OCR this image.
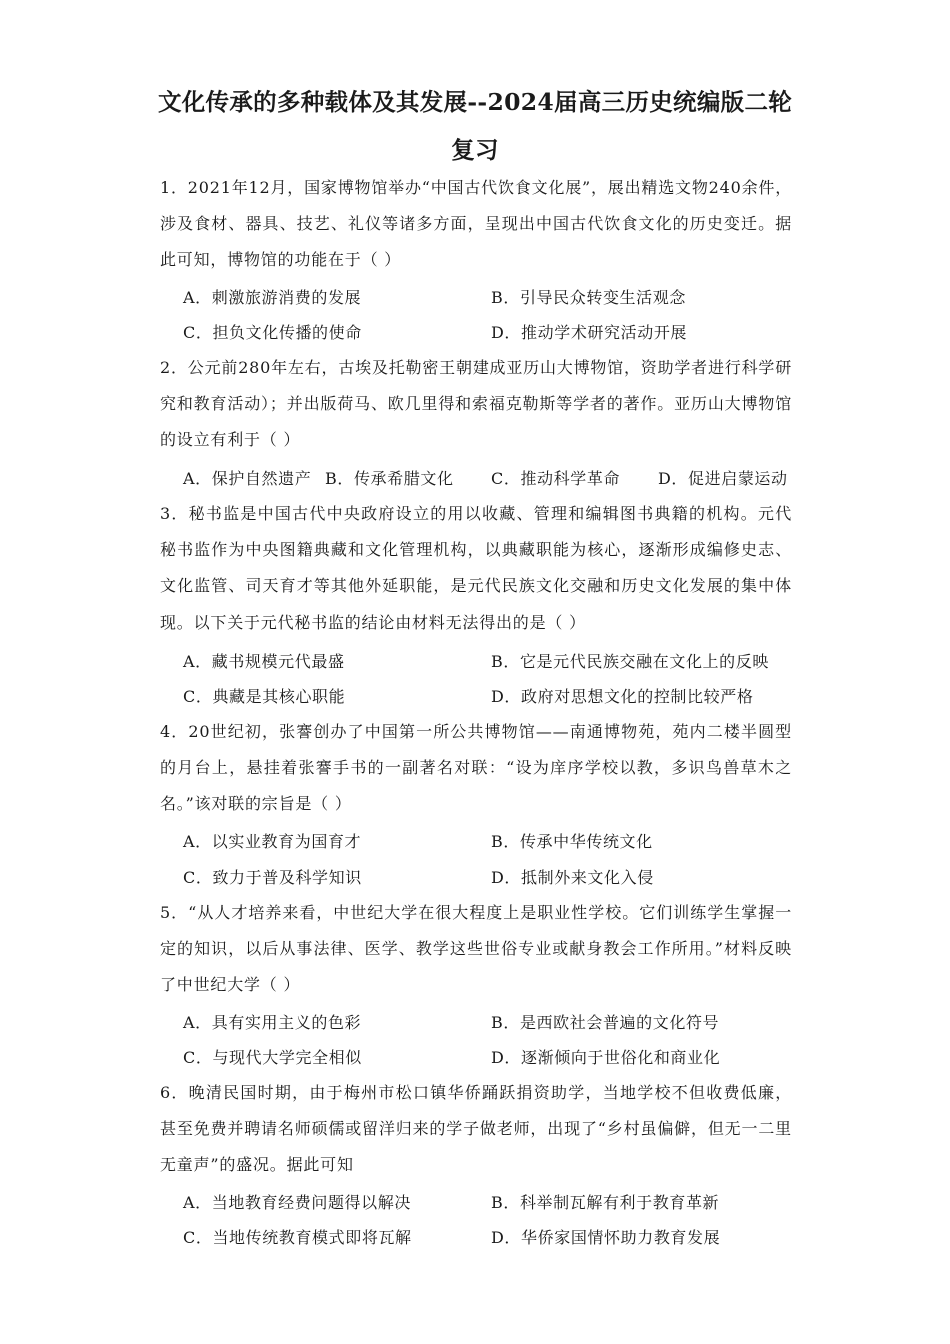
文化传承的多种载体及其发展--2024届高三历史统编版二轮
复习
1．2021年12月，国家博物馆举办“中国古代饮食文化展”，展出精选文物240余件，涉及食材、器具、技艺、礼仪等诸多方面，呈现出中国古代饮食文化的历史变迁。据此可知，博物馆的功能在于（ ）
A．刺激旅游消费的发展	B．引导民众转变生活观念
C．担负文化传播的使命	D．推动学术研究活动开展
2．公元前280年左右，古埃及托勒密王朝建成亚历山大博物馆，资助学者进行科学研究和教育活动）；并出版荷马、欧几里得和索福克勒斯等学者的著作。亚历山大博物馆的设立有利于（ ）
A．保护自然遗产 B．传承希腊文化 C．推动科学革命 D．促进启蒙运动
3．秘书监是中国古代中央政府设立的用以收藏、管理和编辑图书典籍的机构。元代秘书监作为中央图籍典藏和文化管理机构，以典藏职能为核心，逐渐形成编修史志、文化监管、司天育才等其他外延职能，是元代民族文化交融和历史文化发展的集中体现。以下关于元代秘书监的结论由材料无法得出的是（ ）
A．藏书规模元代最盛	B．它是元代民族交融在文化上的反映
C．典藏是其核心职能	D．政府对思想文化的控制比较严格
4．20世纪初，张謇创办了中国第一所公共博物馆——南通博物苑，苑内二楼半圆型的月台上，悬挂着张謇手书的一副著名对联：“设为庠序学校以教，多识鸟兽草木之名。”该对联的宗旨是（ ）
A．以实业教育为国育才	B．传承中华传统文化
C．致力于普及科学知识	D．抵制外来文化入侵
5．“从人才培养来看，中世纪大学在很大程度上是职业性学校。它们训练学生掌握一定的知识，以后从事法律、医学、教学这些世俗专业或献身教会工作所用。”材料反映了中世纪大学（ ）
A．具有实用主义的色彩	B．是西欧社会普遍的文化符号
C．与现代大学完全相似	D．逐渐倾向于世俗化和商业化
6．晚清民国时期，由于梅州市松口镇华侨踊跃捐资助学，当地学校不但收费低廉，甚至免费并聘请名师硕儒或留洋归来的学子做老师，出现了“乡村虽偏僻，但无一二里无童声”的盛况。据此可知
A．当地教育经费问题得以解决	B．科举制瓦解有利于教育革新
C．当地传统教育模式即将瓦解	D．华侨家国情怀助力教育发展
